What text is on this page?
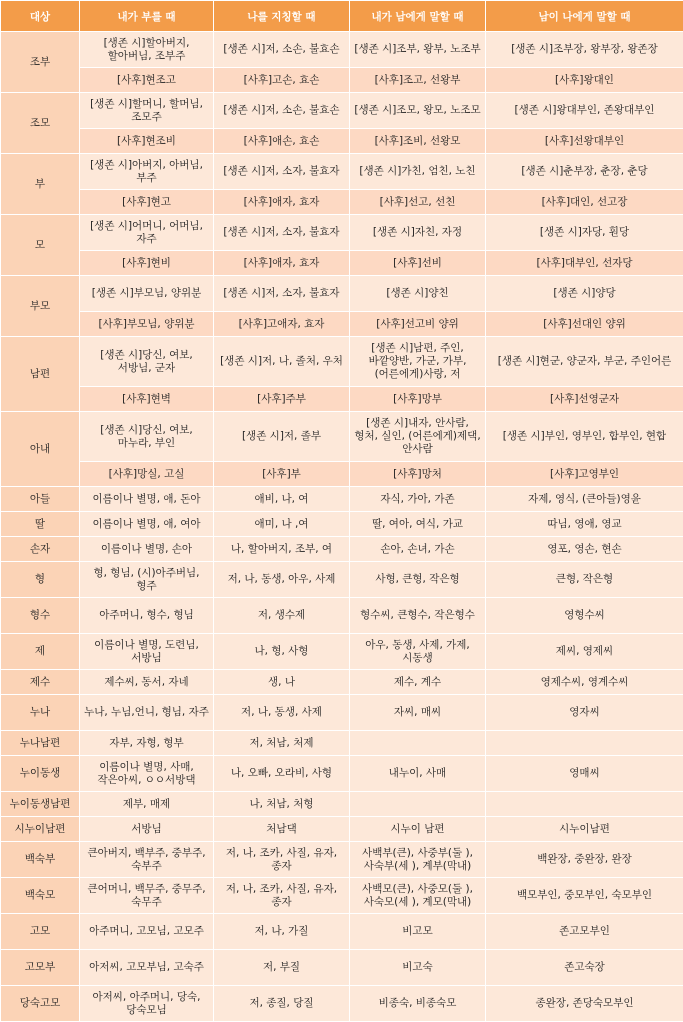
대상	내가 부를 때	나를 지칭할 때	내가 남에게 말할 때	남이 나에게 말할 때
조부	[생존 시]할아버지, 할아버님, 조부주	[생존 시]저, 소손, 불효손	[생존 시]조부, 왕부, 노조부	[생존 시]조부장, 왕부장, 왕존장
	[사후]현조고	[사후]고손, 효손	[사후]조고, 선왕부	[사후]왕대인
조모	[생존 시]할머니, 할머님, 조모주	[생존 시]저, 소손, 불효손	[생존 시]조모, 왕모, 노조모	[생존 시]왕대부인, 존왕대부인
	[사후]현조비	[사후]애손, 효손	[사후]조비, 선왕모	[사후]선왕대부인
부	[생존 시]아버지, 아버님, 부주	[생존 시]저, 소자, 불효자	[생존 시]가친, 엄친, 노친	[생존 시]춘부장, 춘장, 춘당
	[사후]현고	[사후]애자, 효자	[사후]선고, 선친	[사후]대인, 선고장
모	[생존 시]어머니, 어머님, 자주	[생존 시]저, 소자, 불효자	[생존 시]자친, 자정	[생존 시]자당, 훤당
	[사후]현비	[사후]애자, 효자	[사후]선비	[사후]대부인, 선자당
부모	[생존 시]부모님, 양위분	[생존 시]저, 소자, 불효자	[생존 시]양친	[생존 시]양당
	[사후]부모님, 양위분	[사후]고애자, 효자	[사후]선고비 양위	[사후]선대인 양위
남편	[생존 시]당신, 여보, 서방님, 군자	[생존 시]저, 나, 졸처, 우처	[생존 시]남편, 주인, 바깥양반, 가군, 가부, (어른에게)사랑, 저	[생존 시]현군, 양군자, 부군, 주인어른
	[사후]현벽	[사후]주부	[사후]망부	[사후]선영군자
아내	[생존 시]당신, 여보, 마누라, 부인	[생존 시]저, 졸부	[생존 시]내자, 안사람, 형처, 실인, (어른에게)제댁, 안사람	[생존 시]부인, 영부인, 합부인, 현합
	[사후]망실, 고실	[사후]부	[사후]망처	[사후]고영부인
아들	이름이나 별명, 애, 돈아	애비, 나, 여	자식, 가아, 가존	자제, 영식, (큰아들)영윤
딸	이름이나 별명, 애, 여아	애미, 나 ,여	딸, 여아, 여식, 가교	따님, 영애, 영교
손자	이름이나 별명, 손아	나, 할아버지, 조부, 여	손아, 손녀, 가손	영포, 영손, 현손
형	형, 형님, (시)아주버님, 형주	저, 나, 동생, 아우, 사제	사형, 큰형, 작은형	큰형, 작은형
형수	아주머니, 형수, 형님	저, 생수제	형수씨, 큰형수, 작은형수	영형수씨
제	이름이나 별명, 도련님, 서방님	나, 형, 사형	아우, 동생, 사제, 가제, 시동생	제씨, 영제씨
제수	제수씨, 동서, 자네	생, 나	제수, 계수	영제수씨, 영계수씨
누나	누나, 누님,언니, 형님, 자주	저, 나, 동생, 사제	자씨, 매씨	영자씨
누나남편	자부, 자형, 형부	저, 처남, 처제		
누이동생	이름이나 별명, 사매, 작은아씨, ㅇㅇ서방댁	나, 오빠, 오라비, 사형	내누이, 사매	영매씨
누이동생남편	제부, 매제	나, 처남, 처형		
시누이남편	서방님	처남댁	시누이 남편	시누이남편
백숙부	큰아버지, 백부주, 중부주, 숙부주	저, 나, 조카, 사질, 유자, 종자	사백부(큰), 사중부(둘 ), 사숙부(세 ), 계부(막내)	백완장, 중완장, 완장
백숙모	큰어머니, 백무주, 중무주, 숙무주	저, 나, 조카, 사질, 유자, 종자	사백모(큰), 사중모(둘 ), 사숙모(세 ), 계모(막내)	백모부인, 중모부인, 숙모부인
고모	아주머니, 고모님, 고모주	저, 나, 가질	비고모	존고모부인
고모부	아저씨, 고모부님, 고숙주	저, 부질	비고숙	존고숙장
당숙고모	아저씨, 아주머니, 당숙, 당숙모님	저, 종질, 당질	비종숙, 비종숙모	종완장, 존당숙모부인
